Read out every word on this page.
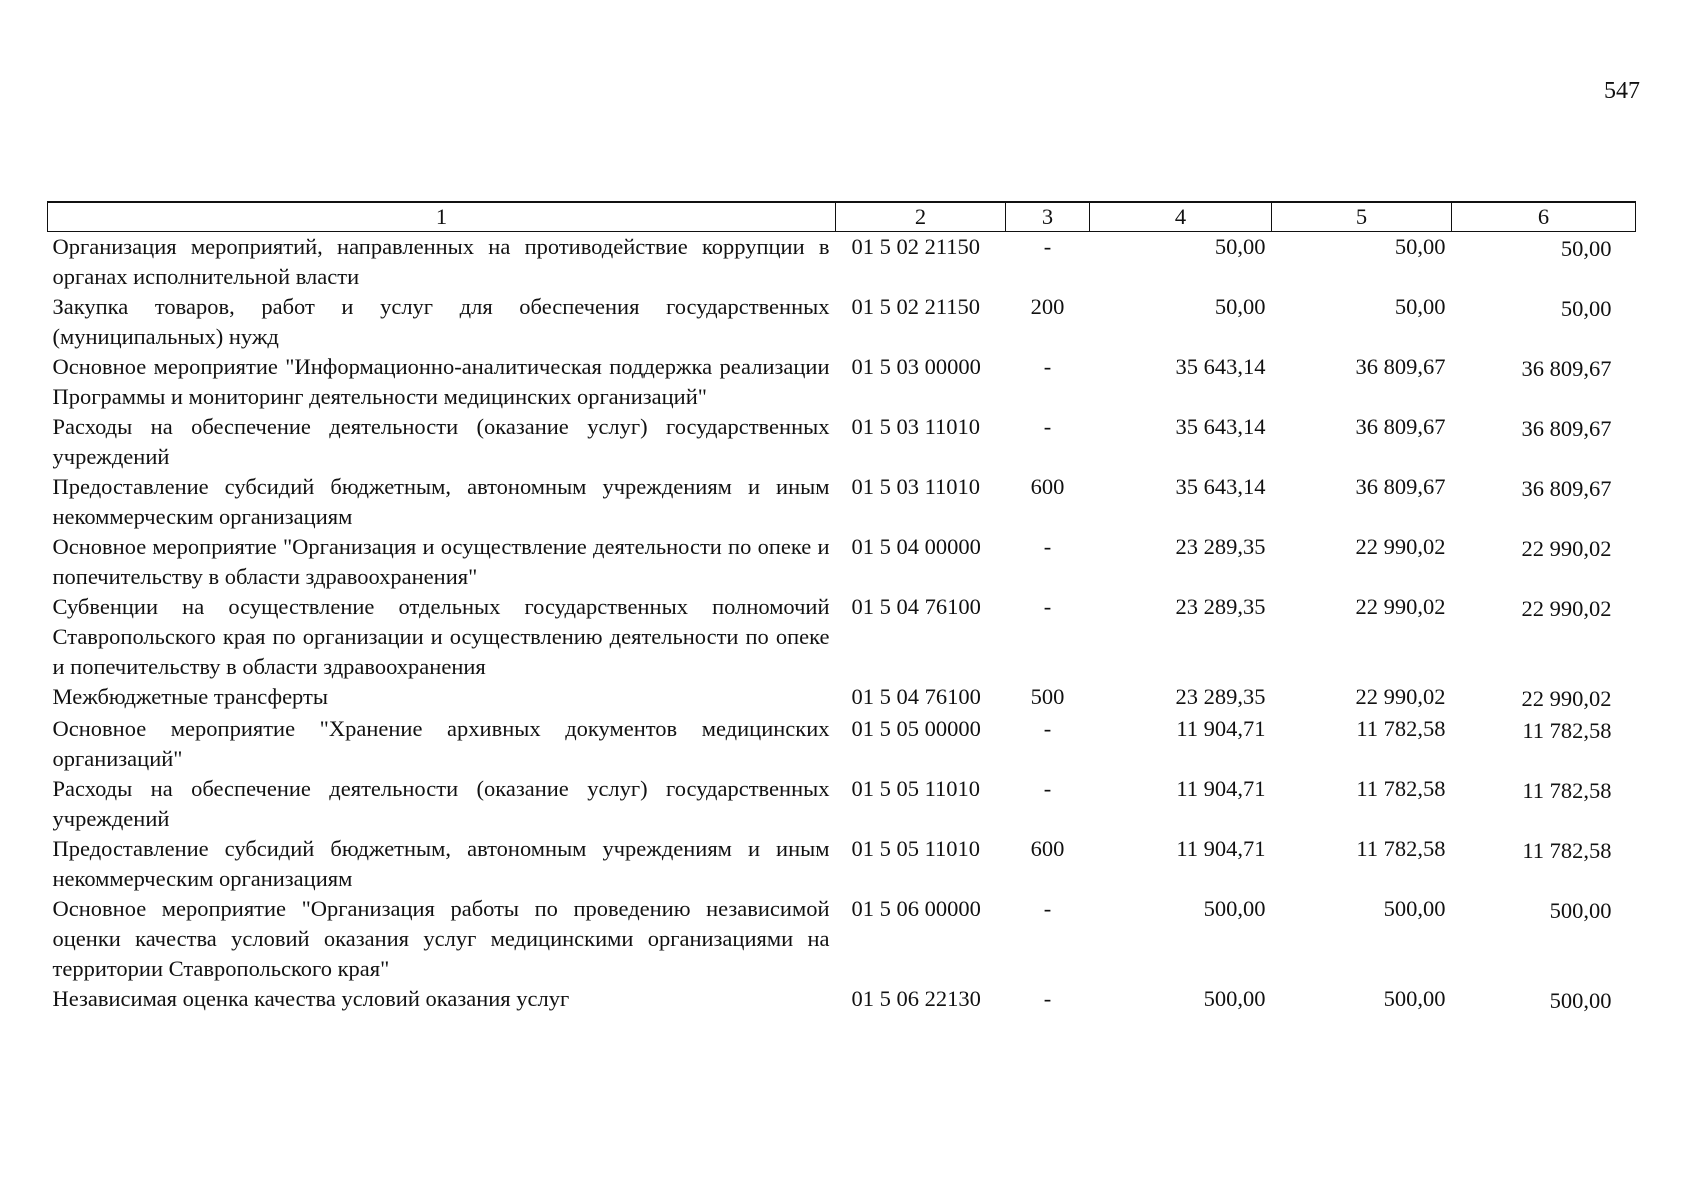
547
1	2	3	4	5	6
Организация мероприятий, направленных на противодействие коррупции в органах исполнительной власти	01 5 02 21150	-	50,00	50,00	50,00
Закупка товаров, работ и услуг для обеспечения государственных (муниципальных) нужд	01 5 02 21150	200	50,00	50,00	50,00
Основное мероприятие "Информационно-аналитическая поддержка реализации Программы и мониторинг деятельности медицинских организаций"	01 5 03 00000	-	35 643,14	36 809,67	36 809,67
Расходы на обеспечение деятельности (оказание услуг) государственных учреждений	01 5 03 11010	-	35 643,14	36 809,67	36 809,67
Предоставление субсидий бюджетным, автономным учреждениям и иным некоммерческим организациям	01 5 03 11010	600	35 643,14	36 809,67	36 809,67
Основное мероприятие "Организация и осуществление деятельности по опеке и попечительству в области здравоохранения"	01 5 04 00000	-	23 289,35	22 990,02	22 990,02
Субвенции на осуществление отдельных государственных полномочий Ставропольского края по организации и осуществлению деятельности по опеке и попечительству в области здравоохранения	01 5 04 76100	-	23 289,35	22 990,02	22 990,02
Межбюджетные трансферты	01 5 04 76100	500	23 289,35	22 990,02	22 990,02
Основное мероприятие "Хранение архивных документов медицинских организаций"	01 5 05 00000	-	11 904,71	11 782,58	11 782,58
Расходы на обеспечение деятельности (оказание услуг) государственных учреждений	01 5 05 11010	-	11 904,71	11 782,58	11 782,58
Предоставление субсидий бюджетным, автономным учреждениям и иным некоммерческим организациям	01 5 05 11010	600	11 904,71	11 782,58	11 782,58
Основное мероприятие "Организация работы по проведению независимой оценки качества условий оказания услуг медицинскими организациями на территории Ставропольского края"	01 5 06 00000	-	500,00	500,00	500,00
Независимая оценка качества условий оказания услуг	01 5 06 22130	-	500,00	500,00	500,00
